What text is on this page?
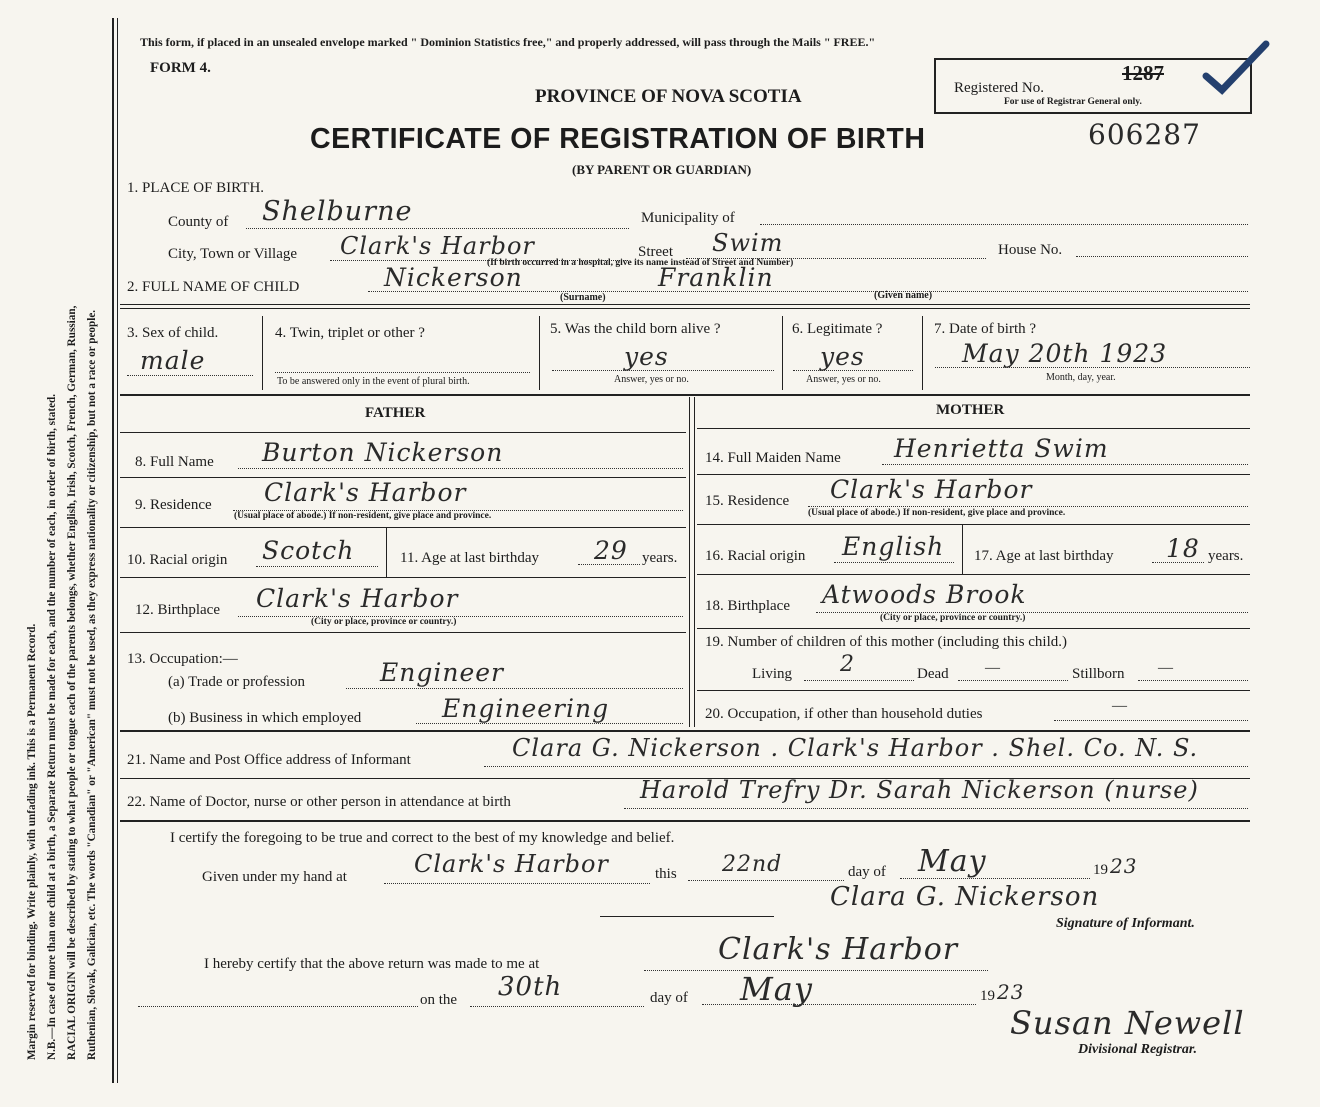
Margin reserved for binding. Write plainly, with unfading ink. This is a Permanent Record. N.B.—In case of more than one child at a birth, a Separate Return must be made for each, and the number of each, in order of birth, stated. RACIAL ORIGIN will be described by stating to what people or tongue each of the parents belongs, whether English, Irish, Scotch, French, German, Russian, Ruthenian, Slovak, Galician, etc. The words "Canadian" or "American" must not be used, as they express nationality or citizenship, but not a race or people.
This form, if placed in an unsealed envelope marked " Dominion Statistics free," and properly addressed, will pass through the Mails " FREE."
FORM 4.
PROVINCE OF NOVA SCOTIA
CERTIFICATE OF REGISTRATION OF BIRTH
(BY PARENT OR GUARDIAN)
606287
Registered No.
1287
For use of Registrar General only.
1. PLACE OF BIRTH.
County of Shelburne	Municipality of
City, Town or Village Clark's Harbor	Street Swim	House No.
(If birth occurred in a hospital, give its name instead of Street and Number)
2. FULL NAME OF CHILD	Nickerson	Franklin
(Surname)	(Given name)
3. Sex of child.
male
4. Twin, triplet or other ?
To be answered only in the event of plural birth.
5. Was the child born alive ?
yes
Answer, yes or no.
6. Legitimate ?
yes
Answer, yes or no.
7. Date of birth ?
May 20th 1923
Month, day, year.
FATHER
8. Full Name Burton Nickerson
9. Residence Clark's Harbor
(Usual place of abode.) If non-resident, give place and province.
10. Racial origin Scotch	11. Age at last birthday 29 years.
12. Birthplace Clark's Harbor
(City or place, province or country.)
13. Occupation:—
(a) Trade or profession	Engineer
(b) Business in which employed	Engineering
MOTHER
14. Full Maiden Name Henrietta Swim
15. Residence Clark's Harbor
(Usual place of abode.) If non-resident, give place and province.
16. Racial origin English 17. Age at last birthday 18 years.
18. Birthplace Atwoods Brook
(City or place, province or country.)
19. Number of children of this mother (including this child.)
Living 2	Dead —	Stillborn —
20. Occupation, if other than household duties	—
21. Name and Post Office address of Informant	Clara G. Nickerson . Clark's Harbor . Shel. Co. N. S.
22. Name of Doctor, nurse or other person in attendance at birth	Harold Trefry Dr. Sarah Nickerson (nurse)
I certify the foregoing to be true and correct to the best of my knowledge and belief.
Given under my hand at	Clark's Harbor	this 22nd	day of May	19 23
Clara G. Nickerson
Signature of Informant.
I hereby certify that the above return was made to me at	Clark's Harbor
on the 30th	day of May	19 23
Susan Newell
Divisional Registrar.
